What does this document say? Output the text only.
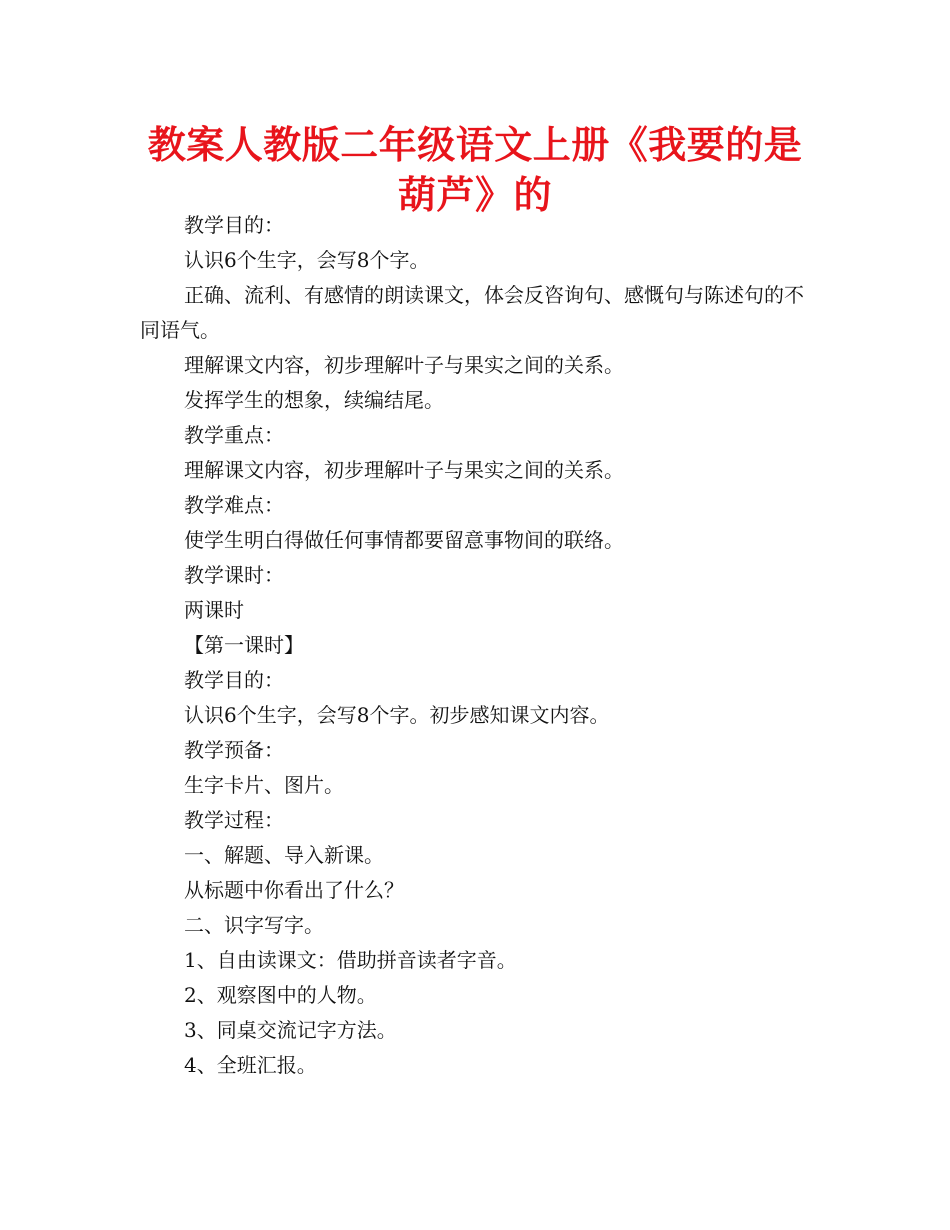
教案人教版二年级语文上册《我要的是葫芦》的

教学目的：

认识6个生字，会写8个字。

正确、流利、有感情的朗读课文，体会反咨询句、感慨句与陈述句的不同语气。

理解课文内容，初步理解叶子与果实之间的关系。

发挥学生的想象，续编结尾。

教学重点：

理解课文内容，初步理解叶子与果实之间的关系。

教学难点：

使学生明白得做任何事情都要留意事物间的联络。

教学课时：

两课时

【第一课时】

教学目的：

认识6个生字，会写8个字。初步感知课文内容。

教学预备：

生字卡片、图片。

教学过程：

一、解题、导入新课。

从标题中你看出了什么？

二、识字写字。

1、自由读课文：借助拼音读者字音。

2、观察图中的人物。

3、同桌交流记字方法。

4、全班汇报。
